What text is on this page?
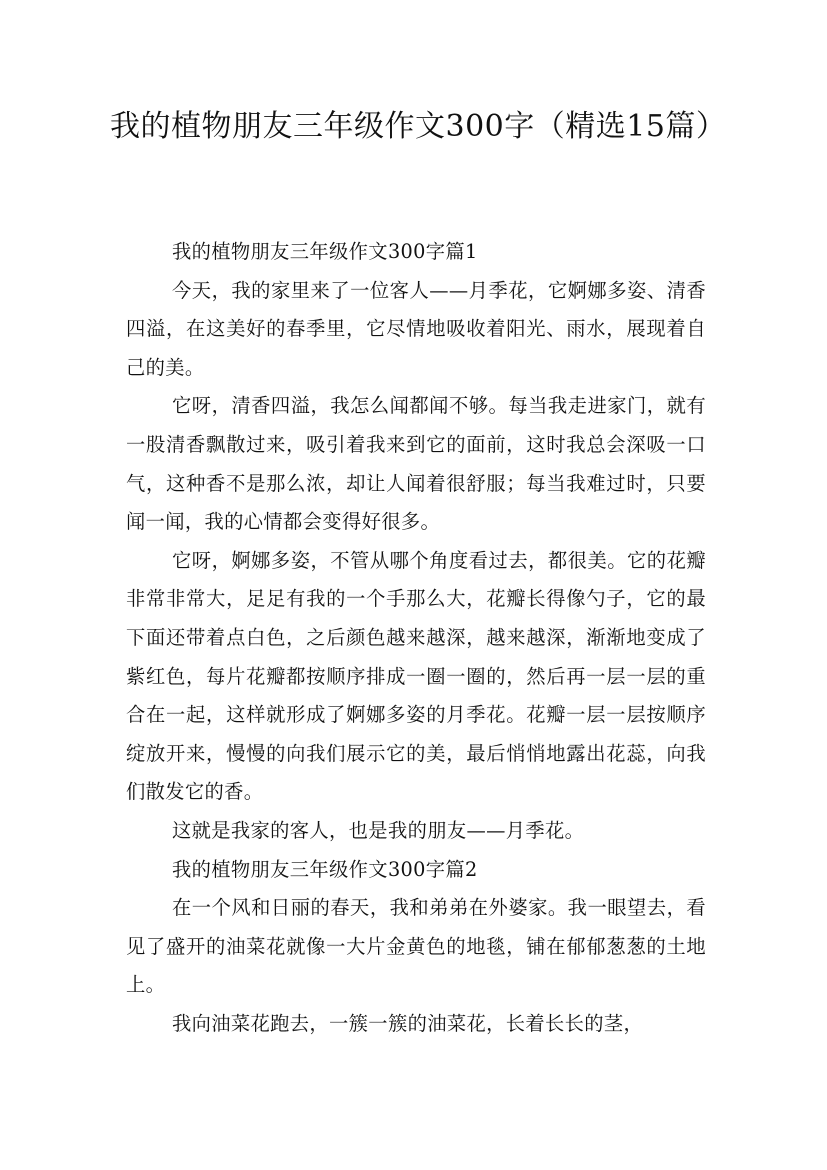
我的植物朋友三年级作文300字（精选15篇）

我的植物朋友三年级作文300字篇1

今天，我的家里来了一位客人——月季花，它婀娜多姿、清香四溢，在这美好的春季里，它尽情地吸收着阳光、雨水，展现着自己的美。

它呀，清香四溢，我怎么闻都闻不够。每当我走进家门，就有一股清香飘散过来，吸引着我来到它的面前，这时我总会深吸一口气，这种香不是那么浓，却让人闻着很舒服；每当我难过时，只要闻一闻，我的心情都会变得好很多。

它呀，婀娜多姿，不管从哪个角度看过去，都很美。它的花瓣非常非常大，足足有我的一个手那么大，花瓣长得像勺子，它的最下面还带着点白色，之后颜色越来越深，越来越深，渐渐地变成了紫红色，每片花瓣都按顺序排成一圈一圈的，然后再一层一层的重合在一起，这样就形成了婀娜多姿的月季花。花瓣一层一层按顺序绽放开来，慢慢的向我们展示它的美，最后悄悄地露出花蕊，向我们散发它的香。

这就是我家的客人，也是我的朋友——月季花。

我的植物朋友三年级作文300字篇2

在一个风和日丽的春天，我和弟弟在外婆家。我一眼望去，看见了盛开的油菜花就像一大片金黄色的地毯，铺在郁郁葱葱的土地上。

我向油菜花跑去，一簇一簇的油菜花，长着长长的茎，
